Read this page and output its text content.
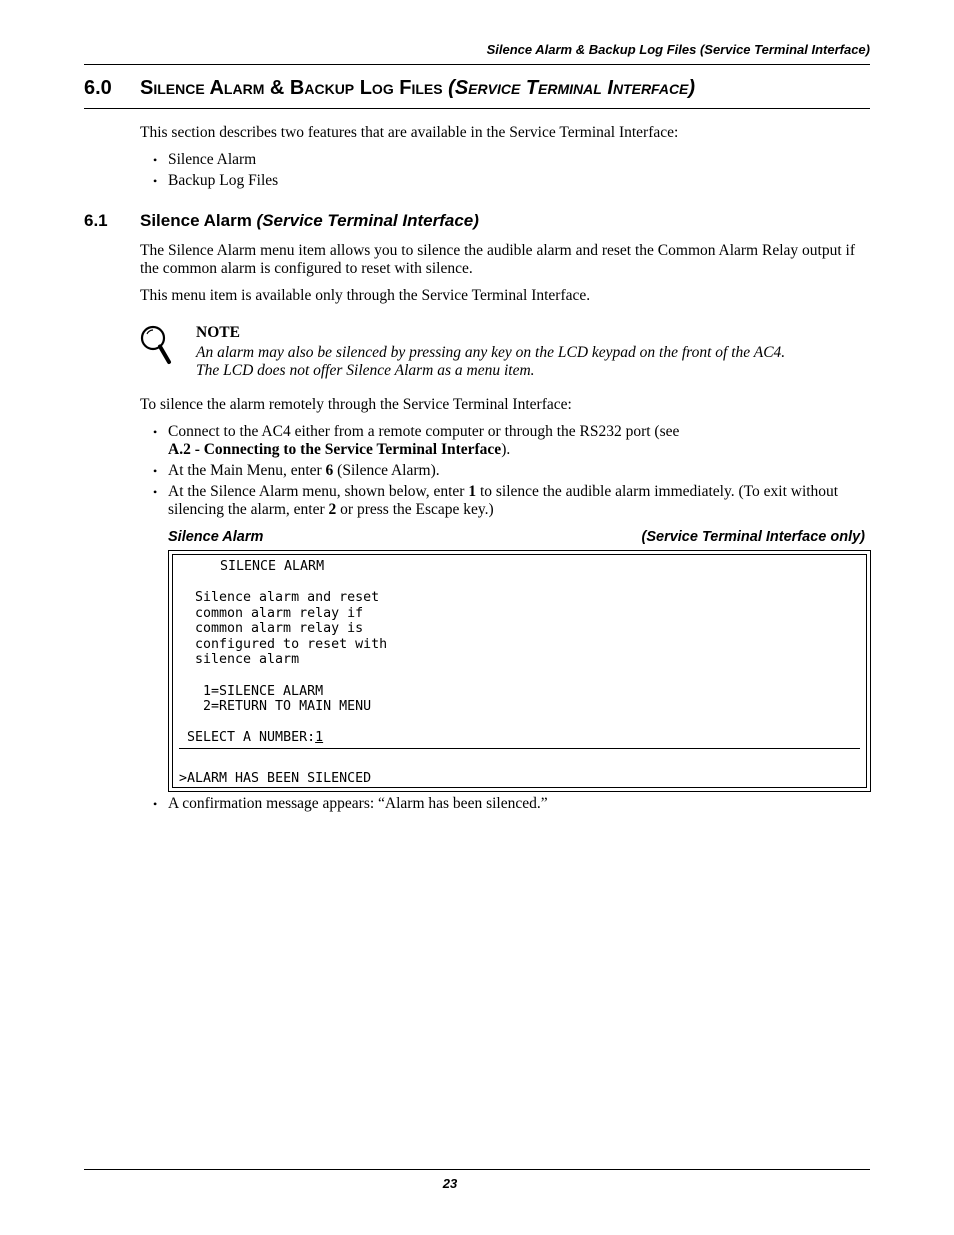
Silence Alarm & Backup Log Files (Service Terminal Interface)
6.0 Silence Alarm & Backup Log Files (Service Terminal Interface)
This section describes two features that are available in the Service Terminal Interface:
• Silence Alarm
• Backup Log Files
6.1 Silence Alarm (Service Terminal Interface)
The Silence Alarm menu item allows you to silence the audible alarm and reset the Common Alarm Relay output if the common alarm is configured to reset with silence.
This menu item is available only through the Service Terminal Interface.
NOTE
An alarm may also be silenced by pressing any key on the LCD keypad on the front of the AC4. The LCD does not offer Silence Alarm as a menu item.
To silence the alarm remotely through the Service Terminal Interface:
• Connect to the AC4 either from a remote computer or through the RS232 port (see
A.2 - Connecting to the Service Terminal Interface).
• At the Main Menu, enter 6 (Silence Alarm).
• At the Silence Alarm menu, shown below, enter 1 to silence the audible alarm immediately. (To exit without silencing the alarm, enter 2 or press the Escape key.)
Silence Alarm	(Service Terminal Interface only)
SILENCE ALARM
Silence alarm and reset
common alarm relay if
common alarm relay is
configured to reset with
silence alarm
1=SILENCE ALARM
2=RETURN TO MAIN MENU
SELECT A NUMBER:1
>ALARM HAS BEEN SILENCED
• A confirmation message appears: “Alarm has been silenced.”
23
